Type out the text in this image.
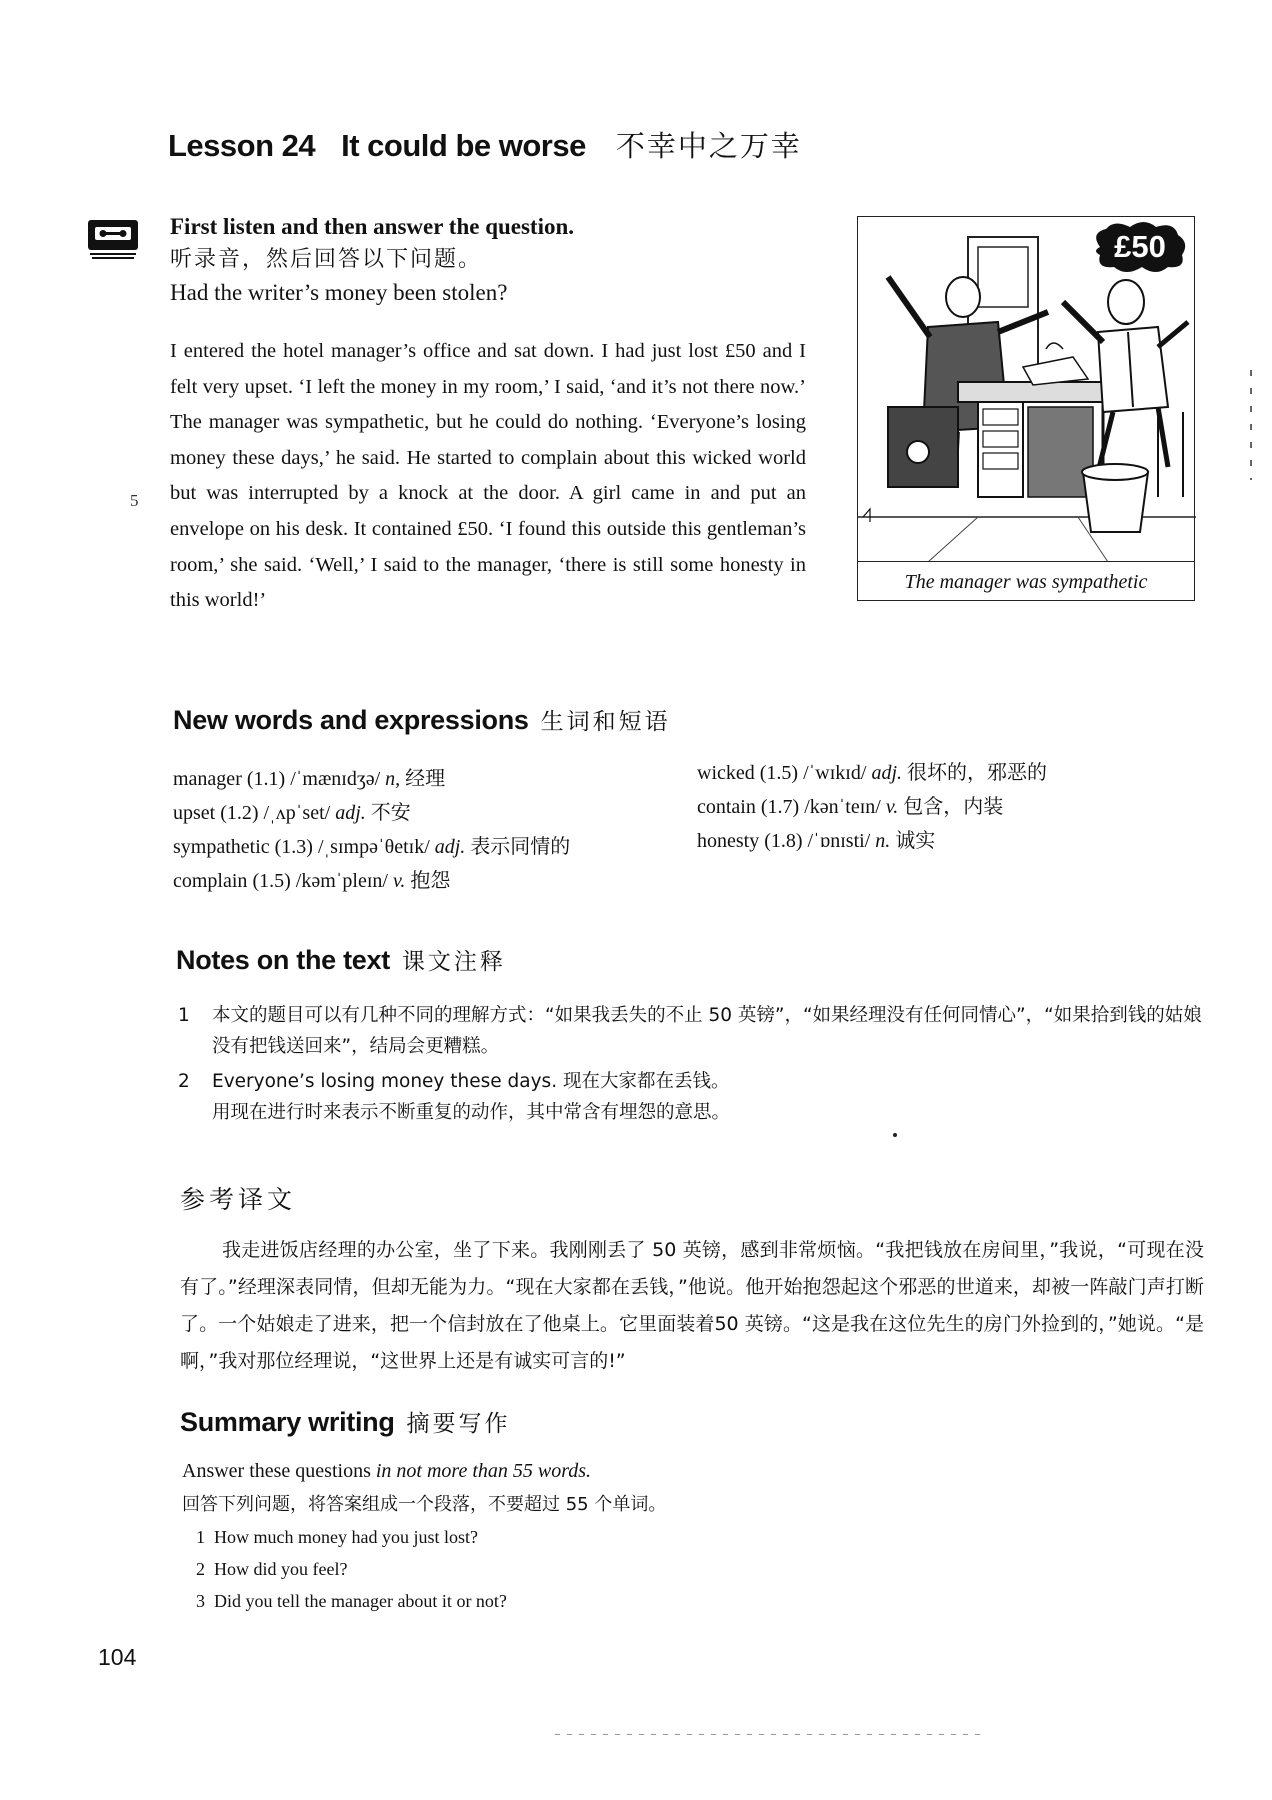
Lesson 24 It could be worse 不幸中之万幸
First listen and then answer the question.
听录音，然后回答以下问题。
Had the writer’s money been stolen?
I entered the hotel manager’s office and sat down. I had just lost £50 and I felt very upset. ‘I left the money in my room,’ I said, ‘and it’s not there now.’ The manager was sympathetic, but he could do nothing. ‘Everyone’s losing money these days,’ he said. He started to complain about this wicked world but was interrupted by a knock at the door. A girl came in and put an envelope on his desk. It contained £50. ‘I found this outside this gentleman’s room,’ she said. ‘Well,’ I said to the manager, ‘there is still some honesty in this world!’
5
£50
The manager was sympathetic
New words and expressions 生词和短语
manager (1.1) /ˈmænɪdʒə/ n, 经理
upset (1.2) /ˌʌpˈset/ adj. 不安
sympathetic (1.3) /ˌsɪmpəˈθetɪk/ adj. 表示同情的
complain (1.5) /kəmˈpleɪn/ v. 抱怨
wicked (1.5) /ˈwɪkɪd/ adj. 很坏的，邪恶的
contain (1.7) /kənˈteɪn/ v. 包含，内装
honesty (1.8) /ˈɒnɪsti/ n. 诚实
Notes on the text 课文注释
1 本文的题目可以有几种不同的理解方式：“如果我丢失的不止 50 英镑”，“如果经理没有任何同情心”，“如果拾到钱的姑娘没有把钱送回来”，结局会更糟糕。
2 Everyone’s losing money these days. 现在大家都在丢钱。
用现在进行时来表示不断重复的动作，其中常含有埋怨的意思。
参考译文
我走进饭店经理的办公室，坐了下来。我刚刚丢了 50 英镑，感到非常烦恼。“我把钱放在房间里，”我说，“可现在没有了。”经理深表同情，但却无能为力。“现在大家都在丢钱，”他说。他开始抱怨起这个邪恶的世道来，却被一阵敲门声打断了。一个姑娘走了进来，把一个信封放在了他桌上。它里面装着50 英镑。“这是我在这位先生的房门外捡到的，”她说。“是啊，”我对那位经理说，“这世界上还是有诚实可言的!”
Summary writing 摘要写作
Answer these questions in not more than 55 words.
回答下列问题，将答案组成一个段落，不要超过 55 个单词。
1 How much money had you just lost?
2 How did you feel?
3 Did you tell the manager about it or not?
104
